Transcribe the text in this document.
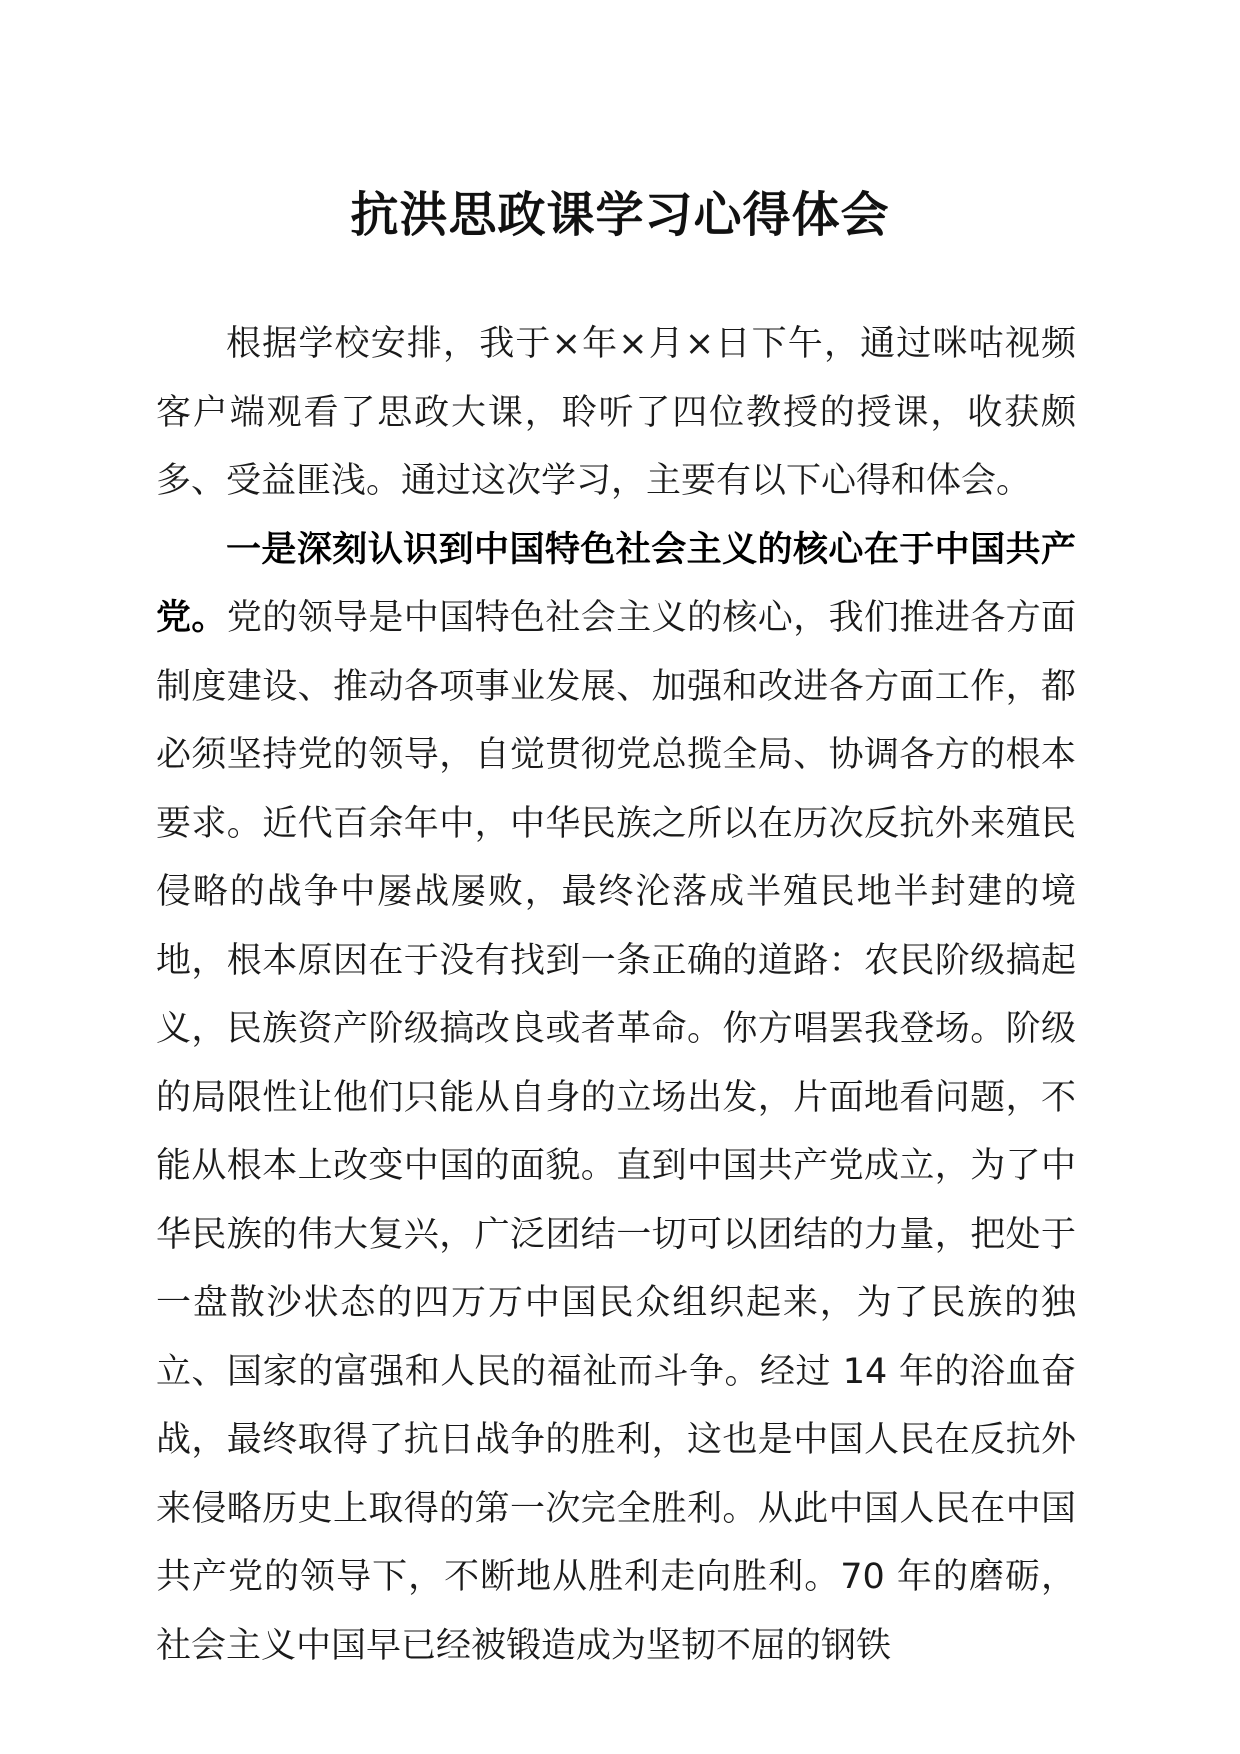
抗洪思政课学习心得体会

根据学校安排，我于×年×月×日下午，通过咪咕视频客户端观看了思政大课，聆听了四位教授的授课，收获颇多、受益匪浅。通过这次学习，主要有以下心得和体会。

一是深刻认识到中国特色社会主义的核心在于中国共产党。党的领导是中国特色社会主义的核心，我们推进各方面制度建设、推动各项事业发展、加强和改进各方面工作，都必须坚持党的领导，自觉贯彻党总揽全局、协调各方的根本要求。近代百余年中，中华民族之所以在历次反抗外来殖民侵略的战争中屡战屡败，最终沦落成半殖民地半封建的境地，根本原因在于没有找到一条正确的道路：农民阶级搞起义，民族资产阶级搞改良或者革命。你方唱罢我登场。阶级的局限性让他们只能从自身的立场出发，片面地看问题，不能从根本上改变中国的面貌。直到中国共产党成立，为了中华民族的伟大复兴，广泛团结一切可以团结的力量，把处于一盘散沙状态的四万万中国民众组织起来，为了民族的独立、国家的富强和人民的福祉而斗争。经过 14 年的浴血奋战，最终取得了抗日战争的胜利，这也是中国人民在反抗外来侵略历史上取得的第一次完全胜利。从此中国人民在中国共产党的领导下，不断地从胜利走向胜利。70 年的磨砺，社会主义中国早已经被锻造成为坚韧不屈的钢铁
